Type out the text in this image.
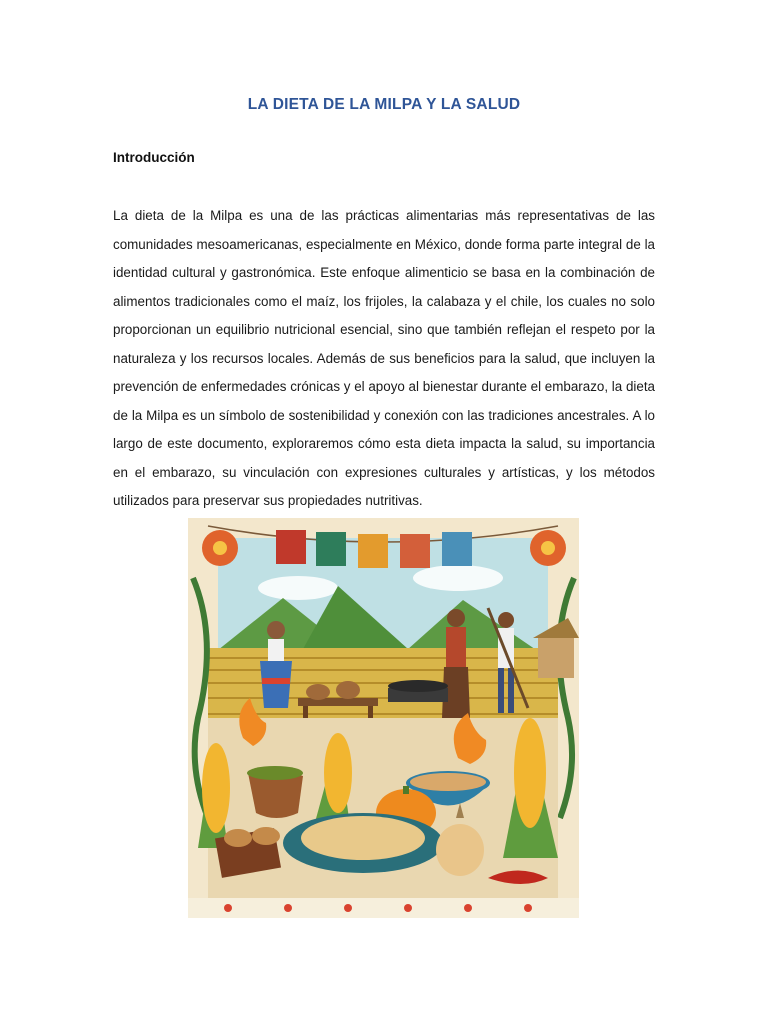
LA DIETA DE LA MILPA Y LA SALUD
Introducción

La dieta de la Milpa es una de las prácticas alimentarias más representativas de las comunidades mesoamericanas, especialmente en México, donde forma parte integral de la identidad cultural y gastronómica. Este enfoque alimenticio se basa en la combinación de alimentos tradicionales como el maíz, los frijoles, la calabaza y el chile, los cuales no solo proporcionan un equilibrio nutricional esencial, sino que también reflejan el respeto por la naturaleza y los recursos locales. Además de sus beneficios para la salud, que incluyen la prevención de enfermedades crónicas y el apoyo al bienestar durante el embarazo, la dieta de la Milpa es un símbolo de sostenibilidad y conexión con las tradiciones ancestrales. A lo largo de este documento, exploraremos cómo esta dieta impacta la salud, su importancia en el embarazo, su vinculación con expresiones culturales y artísticas, y los métodos utilizados para preservar sus propiedades nutritivas.
